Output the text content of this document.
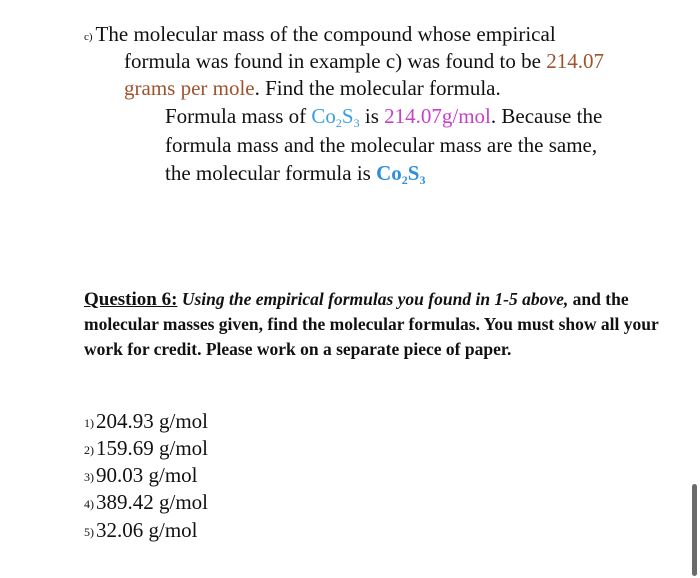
c) The molecular mass of the compound whose empirical
formula was found in example c) was found to be 214.07
grams per mole. Find the molecular formula.
Formula mass of $Co_2S_3$ is 214.07g/mol. Because the
formula mass and the molecular mass are the same,
the molecular formula is $Co_2S_3$
Question 6: Using the empirical formulas you found in 1-5 above, and the molecular masses given, find the molecular formulas. You must show all your work for credit. Please work on a separate piece of paper.
1)204.93 g/mol
2)159.69 g/mol
3)90.03 g/mol
4)389.42 g/mol
5)32.06 g/mol
